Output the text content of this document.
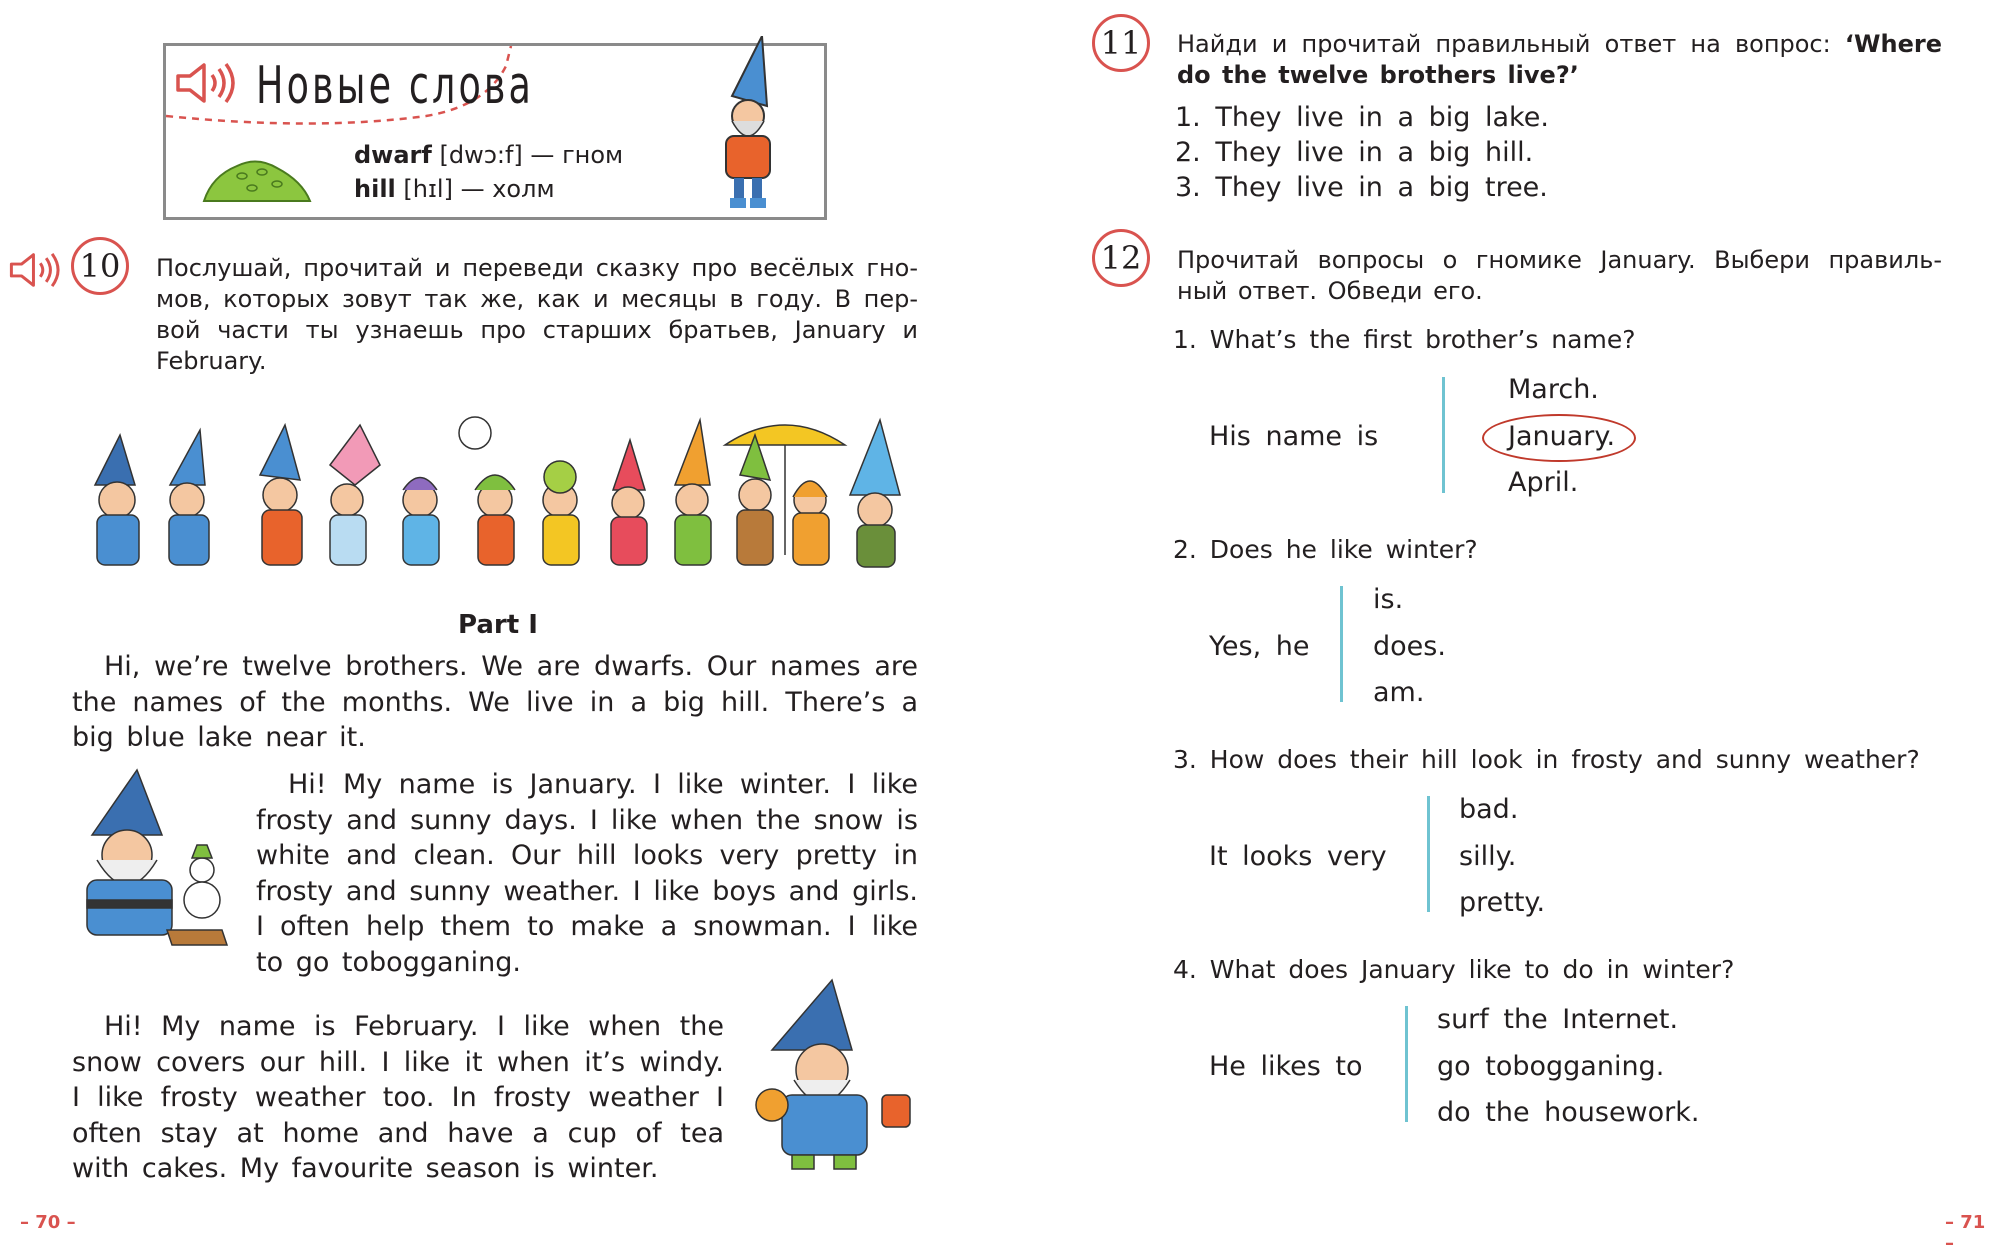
Новые слова
dwarf [dwɔ:f] — гном
hill [hɪl] — холм
10	Послушай, прочитай и переведи сказку про весёлых гно-мов, которых зовут так же, как и месяцы в году. В пер-вой части ты узнаешь про старших братьев, January и February.
Part I

Hi, we’re twelve brothers. We are dwarfs. Our names are the names of the months. We live in a big hill. There’s a big blue lake near it.

Hi! My name is January. I like winter. I like frosty and sunny days. I like when the snow is white and clean. Our hill looks very pretty in frosty and sunny weather. I like boys and girls. I often help them to make a snowman. I like to go tobogganing.

Hi! My name is February. I like when the snow covers our hill. I like it when it’s windy. I like frosty weather too. In frosty weather I often stay at home and have a cup of tea with cakes. My favourite season is winter.

– 70 –
11	Найди и прочитай правильный ответ на вопрос: ‘Where do the twelve brothers live?’
1. They live in a big lake.
2. They live in a big hill.
3. They live in a big tree.
12	Прочитай вопросы о гномике January. Выбери правиль-ный ответ. Обведи его.
1. What’s the first brother’s name?
His name is
March.
January.
April.
2. Does he like winter?
Yes, he
is.
does.
am.
3. How does their hill look in frosty and sunny weather?
It looks very
bad.
silly.
pretty.
4. What does January like to do in winter?
He likes to
surf the Internet.
go tobogganing.
do the housework.
– 71 –
